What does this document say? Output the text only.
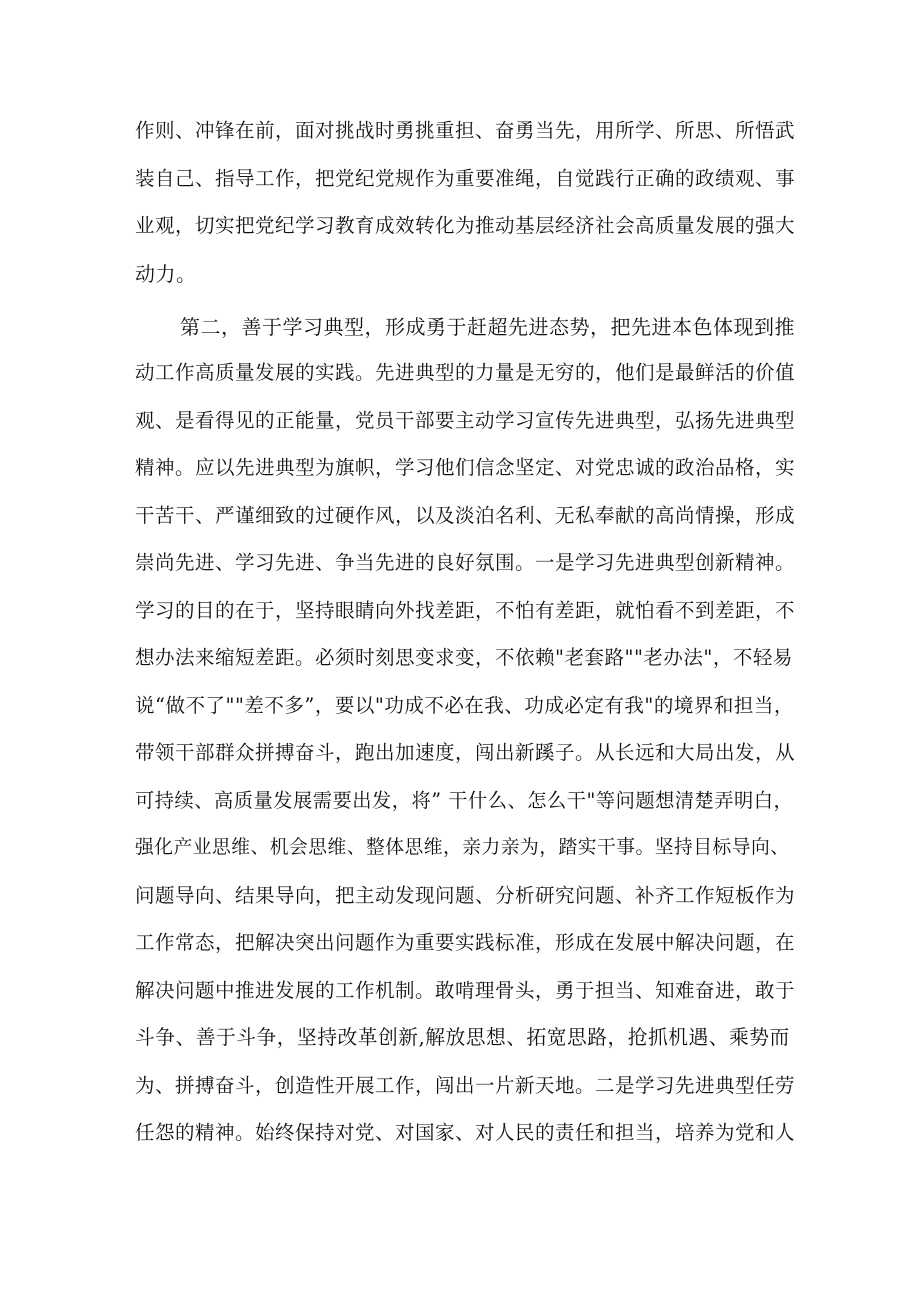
作则、冲锋在前，面对挑战时勇挑重担、奋勇当先，用所学、所思、所悟武
装自己、指导工作，把党纪党规作为重要准绳，自觉践行正确的政绩观、事
业观，切实把党纪学习教育成效转化为推动基层经济社会高质量发展的强大
动力。
第二，善于学习典型，形成勇于赶超先进态势，把先进本色体现到推
动工作高质量发展的实践。先进典型的力量是无穷的，他们是最鲜活的价值
观、是看得见的正能量，党员干部要主动学习宣传先进典型，弘扬先进典型
精神。应以先进典型为旗帜，学习他们信念坚定、对党忠诚的政治品格，实
干苦干、严谨细致的过硬作风，以及淡泊名利、无私奉献的高尚情操，形成
崇尚先进、学习先进、争当先进的良好氛围。一是学习先进典型创新精神。
学习的目的在于，坚持眼睛向外找差距，不怕有差距，就怕看不到差距，不
想办法来缩短差距。必须时刻思变求变，不依赖"老套路""老办法"，不轻易
说“做不了""差不多”，要以"功成不必在我、功成必定有我"的境界和担当，
带领干部群众拼搏奋斗，跑出加速度，闯出新蹊子。从长远和大局出发，从
可持续、高质量发展需要出发，将” 干什么、怎么干"等问题想清楚弄明白，
强化产业思维、机会思维、整体思维，亲力亲为，踏实干事。坚持目标导向、
问题导向、结果导向，把主动发现问题、分析研究问题、补齐工作短板作为
工作常态，把解决突出问题作为重要实践标准，形成在发展中解决问题，在
解决问题中推进发展的工作机制。敢啃理骨头，勇于担当、知难奋进，敢于
斗争、善于斗争，坚持改革创新,解放思想、拓宽思路，抢抓机遇、乘势而
为、拼搏奋斗，创造性开展工作，闯出一片新天地。二是学习先进典型任劳
任怨的精神。始终保持对党、对国家、对人民的责任和担当，培养为党和人
